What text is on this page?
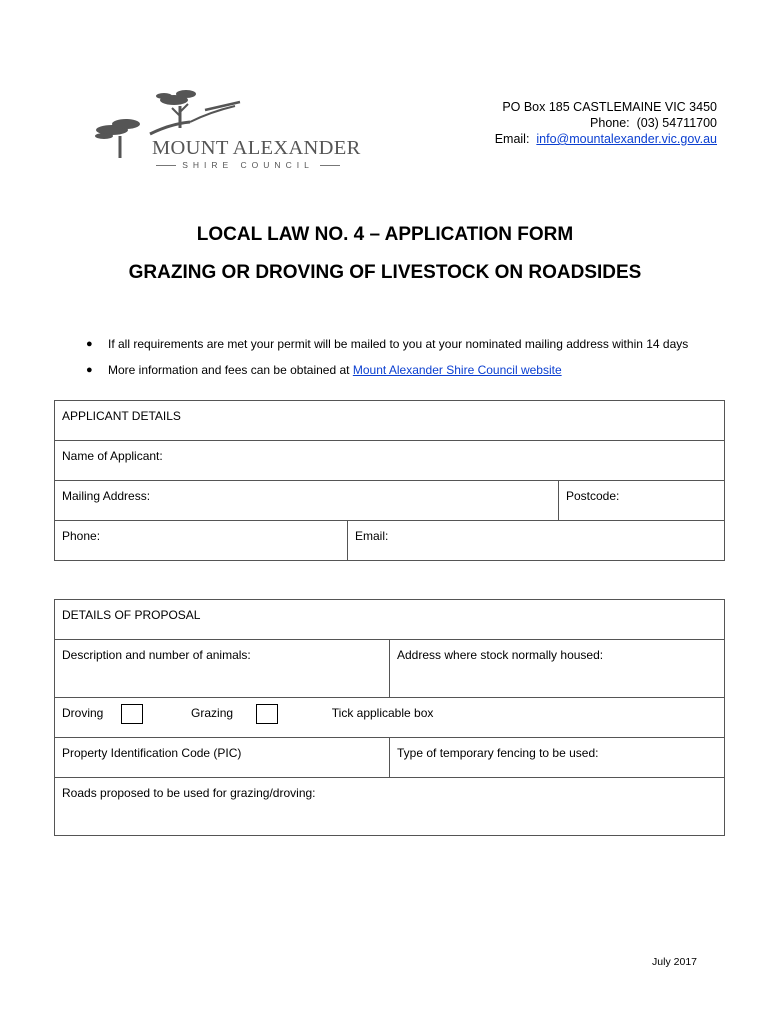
MOUNT ALEXANDER
SHIRE COUNCIL
PO Box 185 CASTLEMAINE VIC 3450
Phone: (03) 54711700
Email: info@mountalexander.vic.gov.au
LOCAL LAW NO. 4 – APPLICATION FORM
GRAZING OR DROVING OF LIVESTOCK ON ROADSIDES
● If all requirements are met your permit will be mailed to you at your nominated mailing address within 14 days
● More information and fees can be obtained at Mount Alexander Shire Council website
APPLICANT DETAILS		
Name of Applicant:		
Mailing Address:		Postcode:
Phone:	Email:	
DETAILS OF PROPOSAL	
Description and number of animals:	Address where stock normally housed:
Droving Grazing Tick applicable box	
Property Identification Code (PIC)	Type of temporary fencing to be used:
Roads proposed to be used for grazing/droving:	
July 2017
